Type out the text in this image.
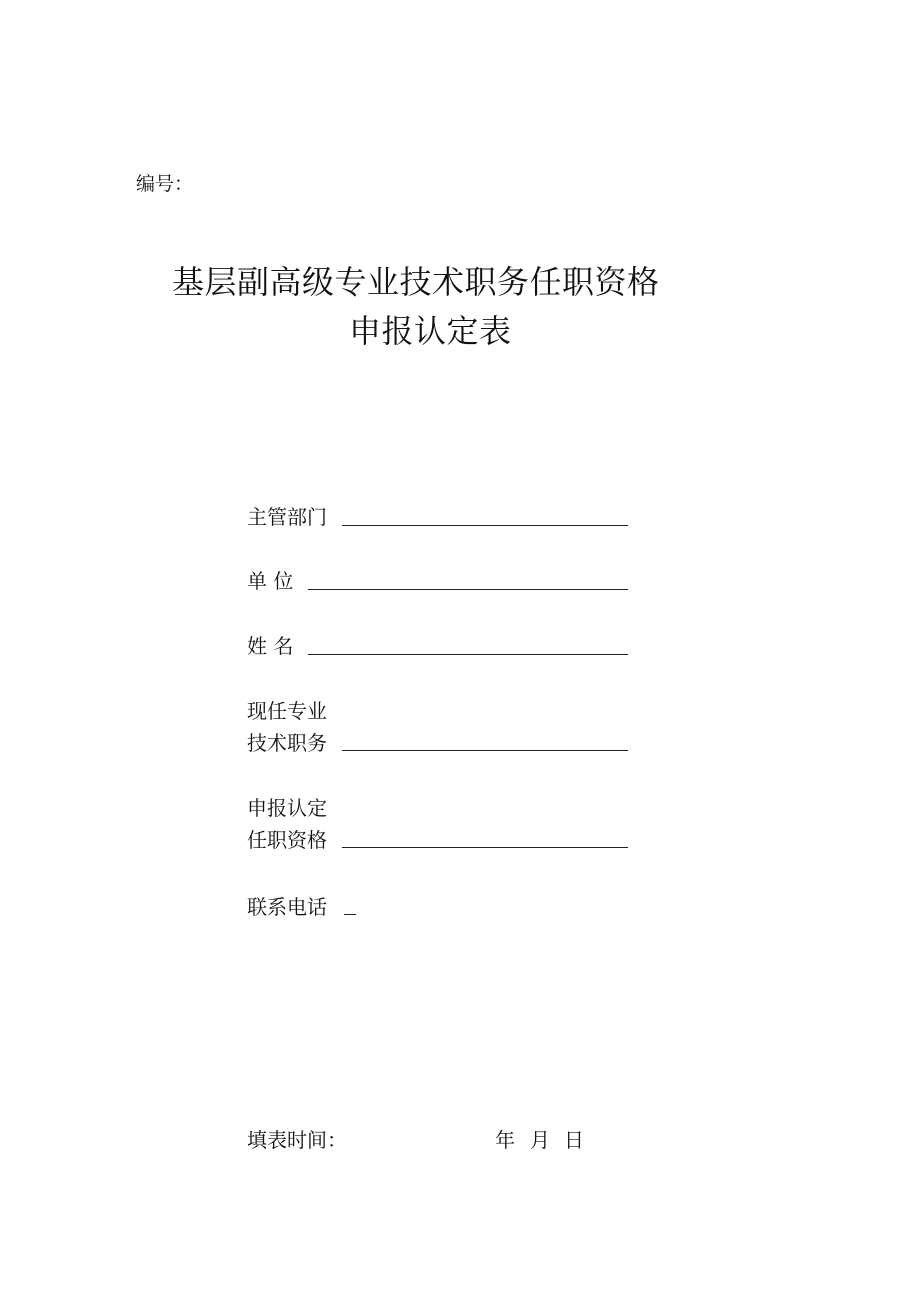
编号：
基层副高级专业技术职务任职资格
申报认定表
主管部门
单 位
姓 名
现任专业
技术职务
申报认定
任职资格
联系电话
填表时间：	年 月 日
